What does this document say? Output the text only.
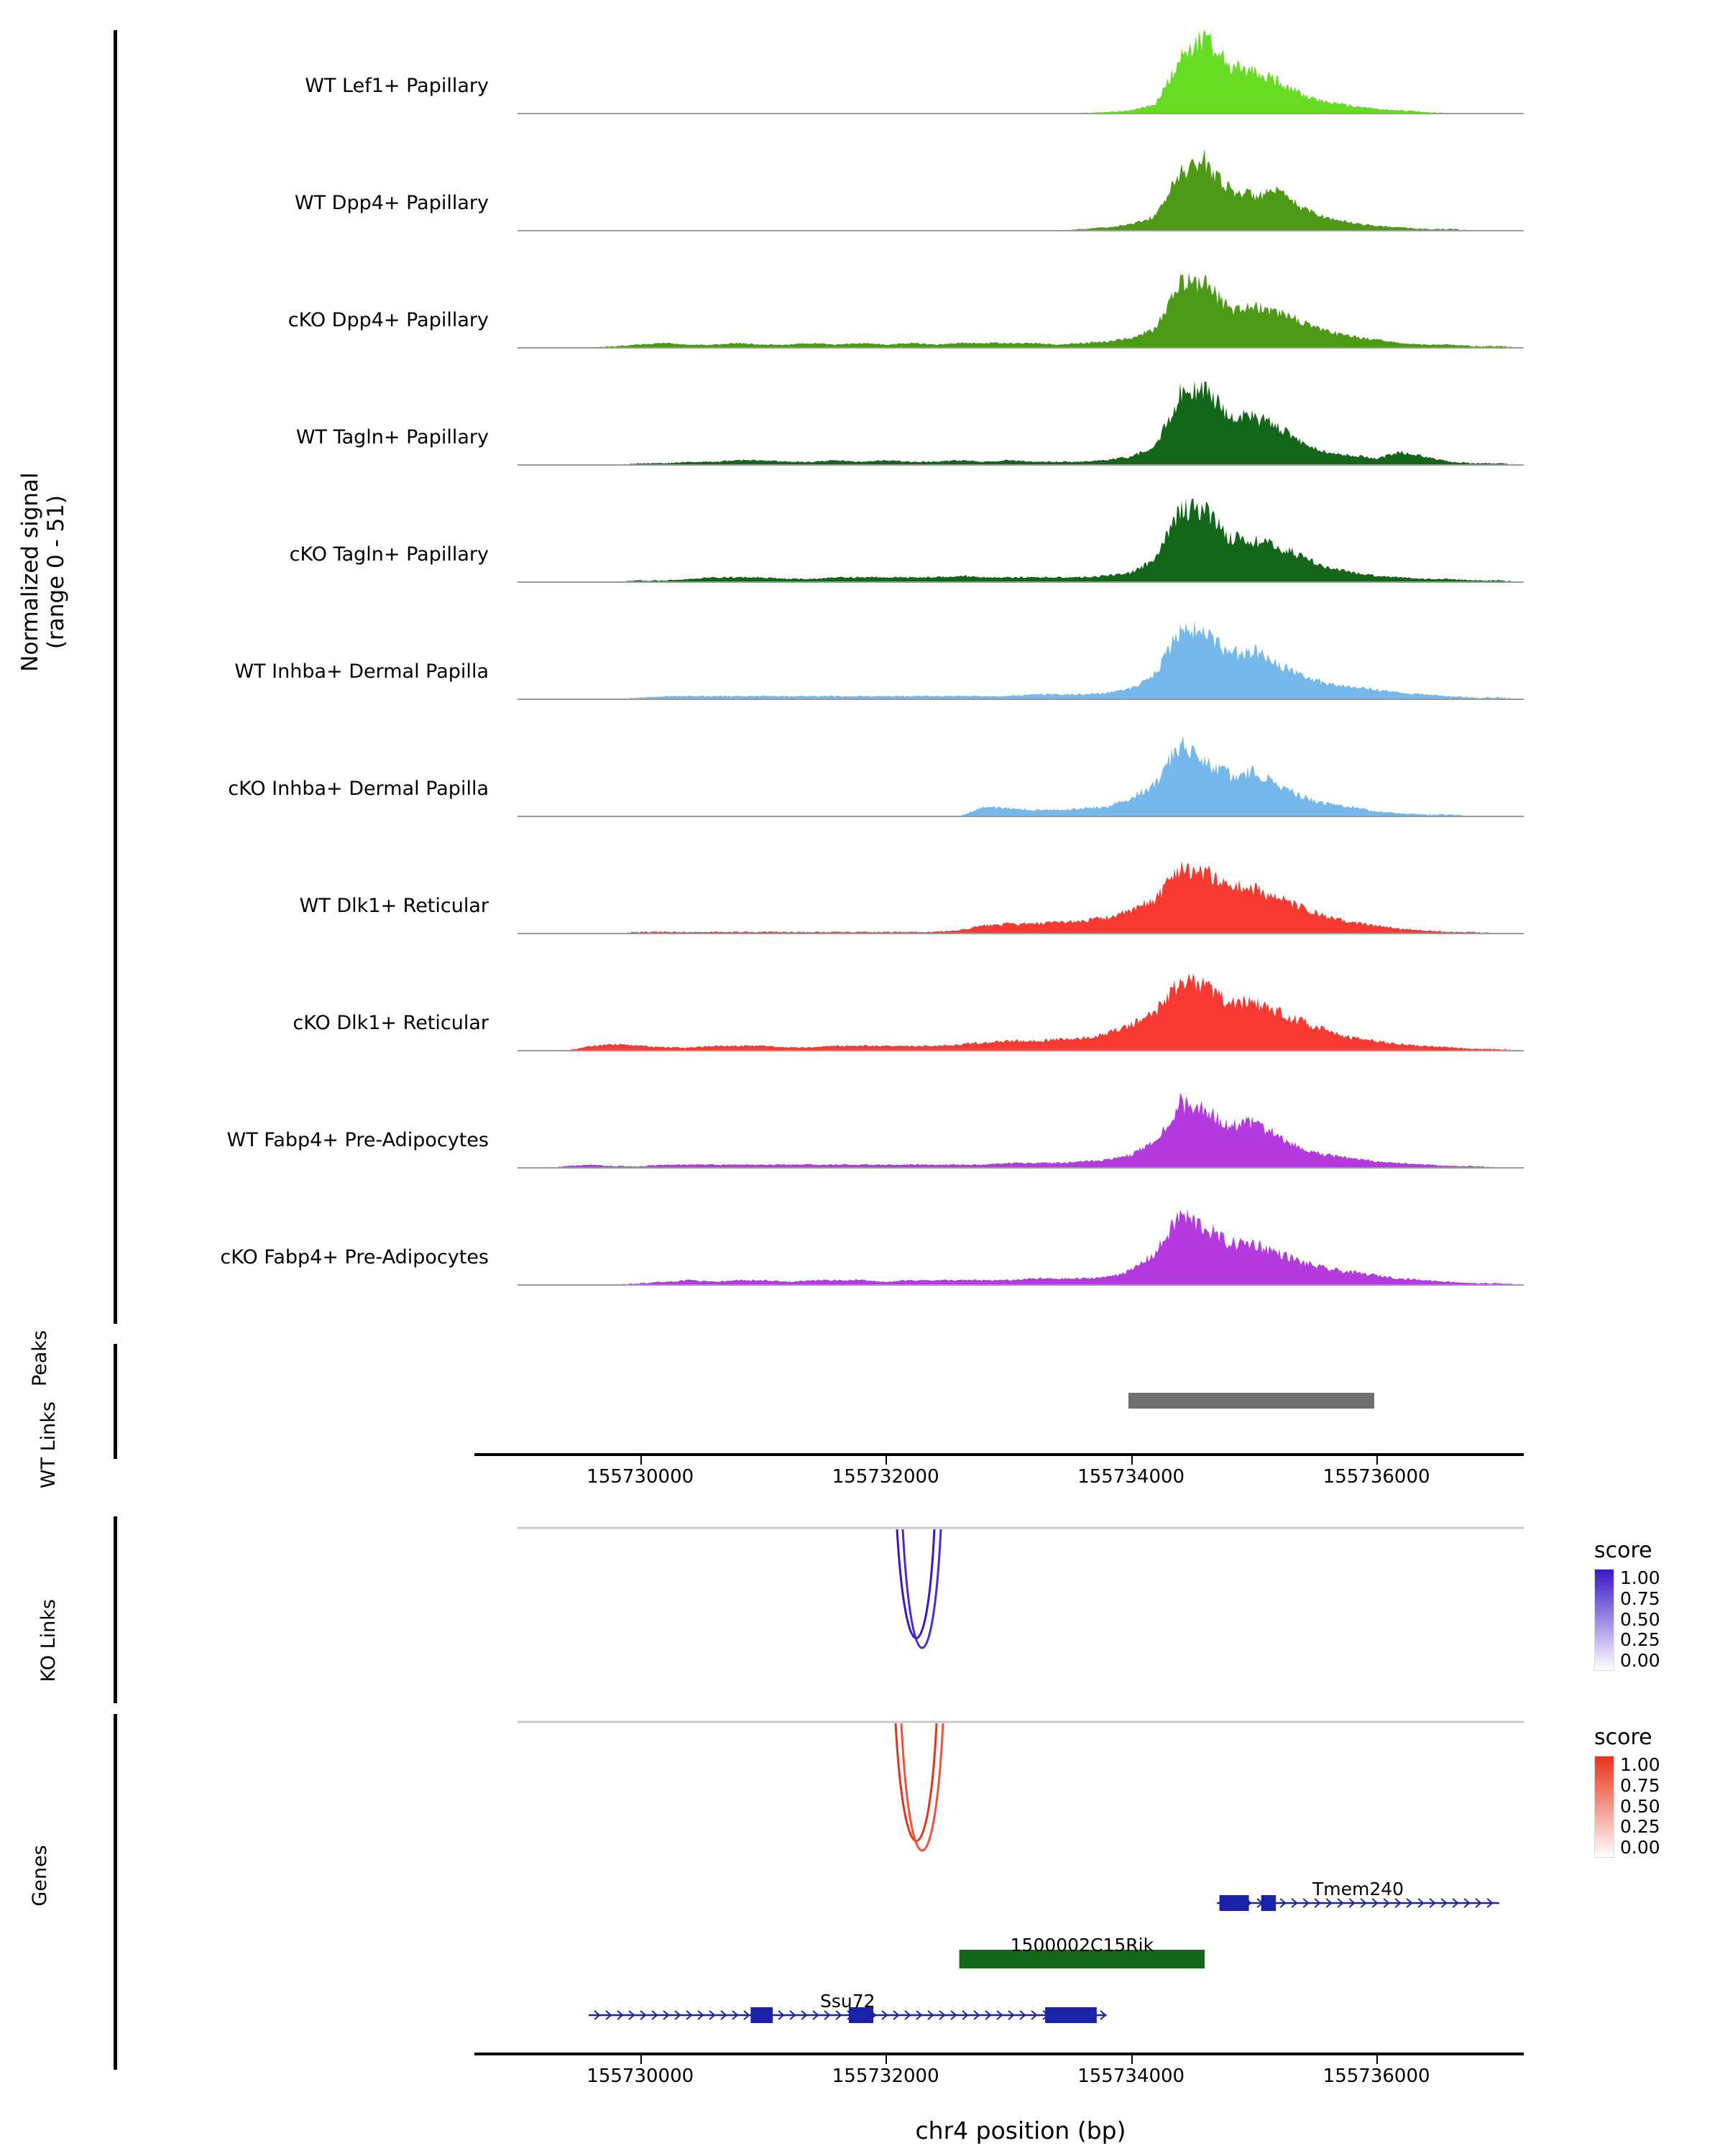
Normalized signal
(range 0 - 51)
WT Lef1+ Papillary
WT Dpp4+ Papillary
cKO Dpp4+ Papillary
WT Tagln+ Papillary
cKO Tagln+ Papillary
WT Inhba+ Dermal Papilla
cKO Inhba+ Dermal Papilla
WT Dlk1+ Reticular
cKO Dlk1+ Reticular
WT Fabp4+ Pre-Adipocytes
cKO Fabp4+ Pre-Adipocytes
Peaks
155730000	155732000	155734000	155736000
WT Links
KO Links
score
1.00
0.75
0.50
0.25
0.00
score
1.00
0.75
0.50
0.25
0.00
Genes	Tmem240
1500002C15Rik
Ssu72
155730000	155732000	155734000	155736000
chr4 position (bp)
